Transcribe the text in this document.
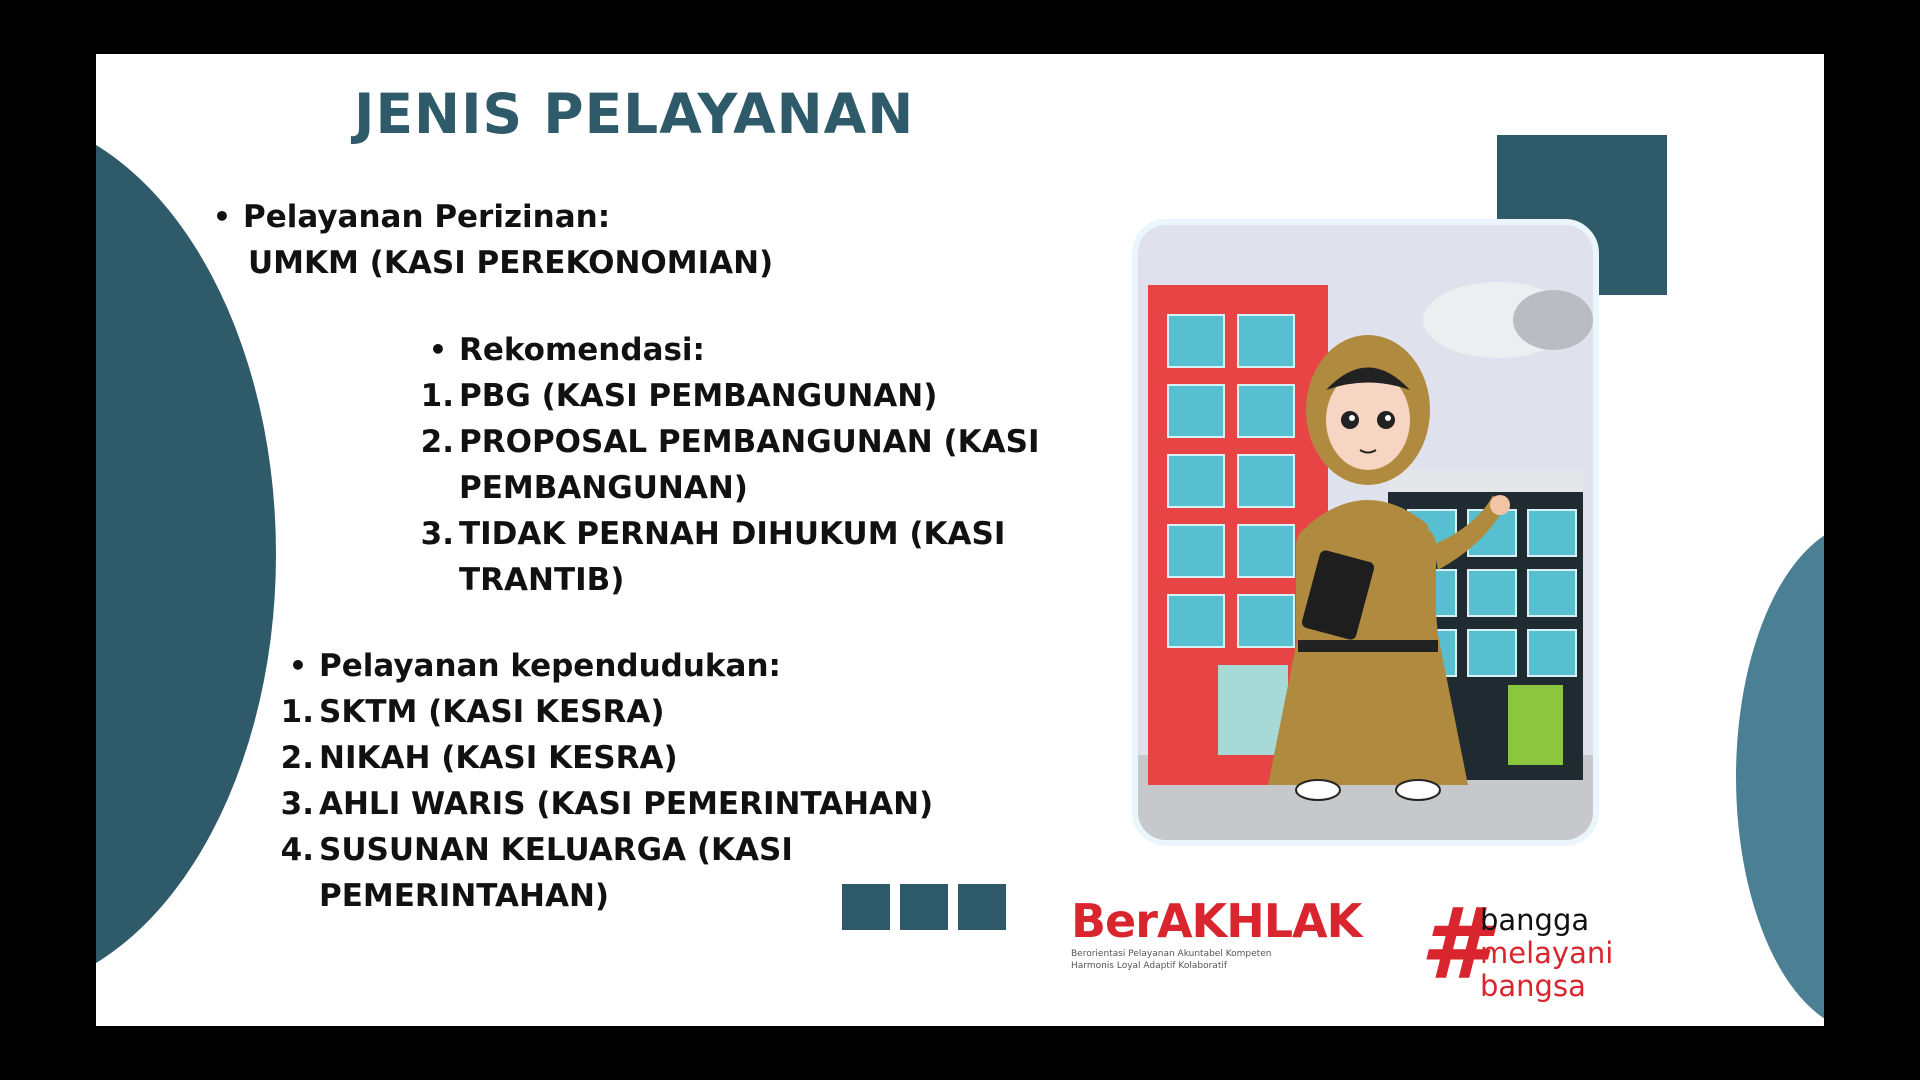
JENIS PELAYANAN
• Pelayanan Perizinan:
UMKM (KASI PEREKONOMIAN)
• Rekomendasi:
1. PBG (KASI PEMBANGUNAN)
2. PROPOSAL PEMBANGUNAN (KASI
PEMBANGUNAN)
3. TIDAK PERNAH DIHUKUM (KASI
TRANTIB)
• Pelayanan kependudukan:
1. SKTM (KASI KESRA)
2. NIKAH (KASI KESRA)
3. AHLI WARIS (KASI PEMERINTAHAN)
4. SUSUNAN KELUARGA (KASI
PEMERINTAHAN)	BerAKHLAK
Berorientasi Pelayanan Akuntabel Kompeten
Harmonis Loyal Adaptif Kolaboratif	#
bangga
melayani
bangsa
